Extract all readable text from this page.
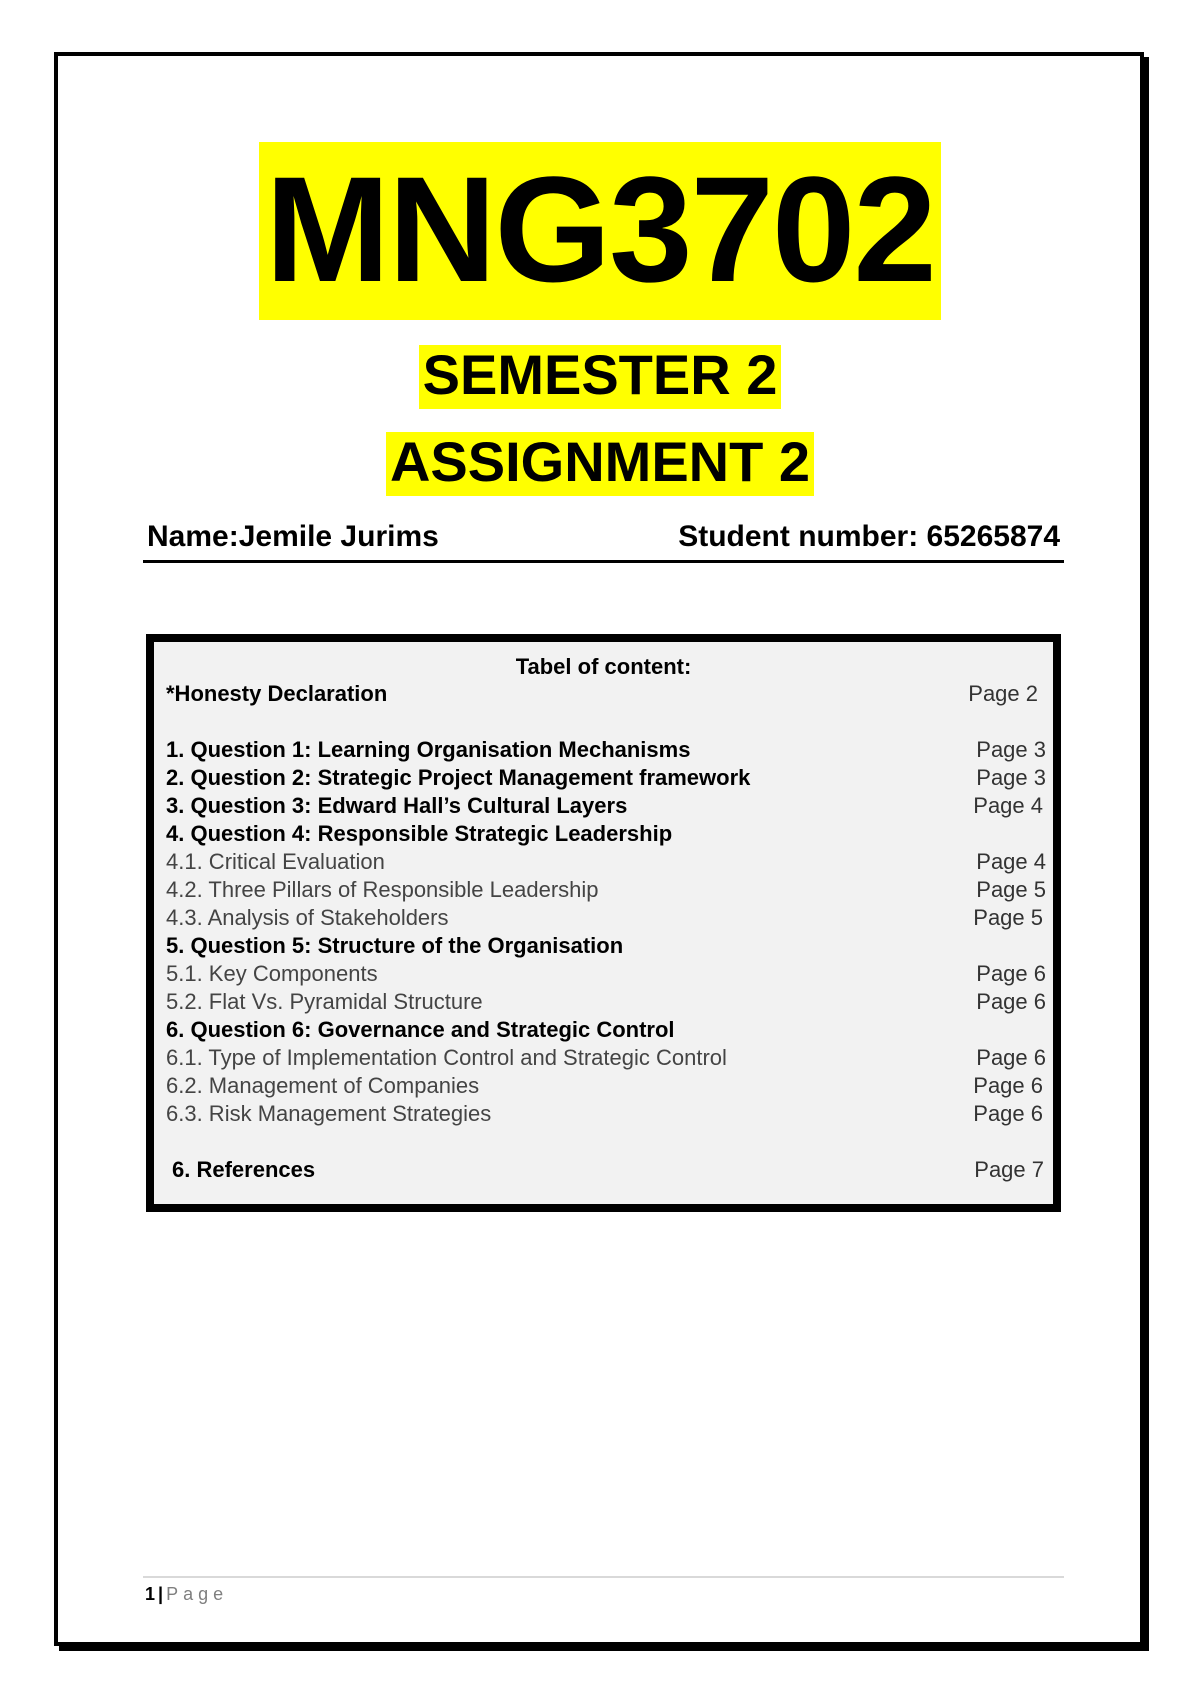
MNG3702
SEMESTER 2
ASSIGNMENT 2
Name:Jemile Jurims	Student number: 65265874
Tabel of content:
*Honesty Declaration	Page 2
1. Question 1: Learning Organisation Mechanisms	Page 3
2. Question 2: Strategic Project Management framework	Page 3
3. Question 3: Edward Hall’s Cultural Layers	Page 4
4. Question 4: Responsible Strategic Leadership
4.1. Critical Evaluation	Page 4
4.2. Three Pillars of Responsible Leadership	Page 5
4.3. Analysis of Stakeholders	Page 5
5. Question 5: Structure of the Organisation
5.1. Key Components	Page 6
5.2. Flat Vs. Pyramidal Structure	Page 6
6. Question 6: Governance and Strategic Control
6.1. Type of Implementation Control and Strategic Control	Page 6
6.2. Management of Companies	Page 6
6.3. Risk Management Strategies	Page 6
6. References	Page 7
1 | Page
